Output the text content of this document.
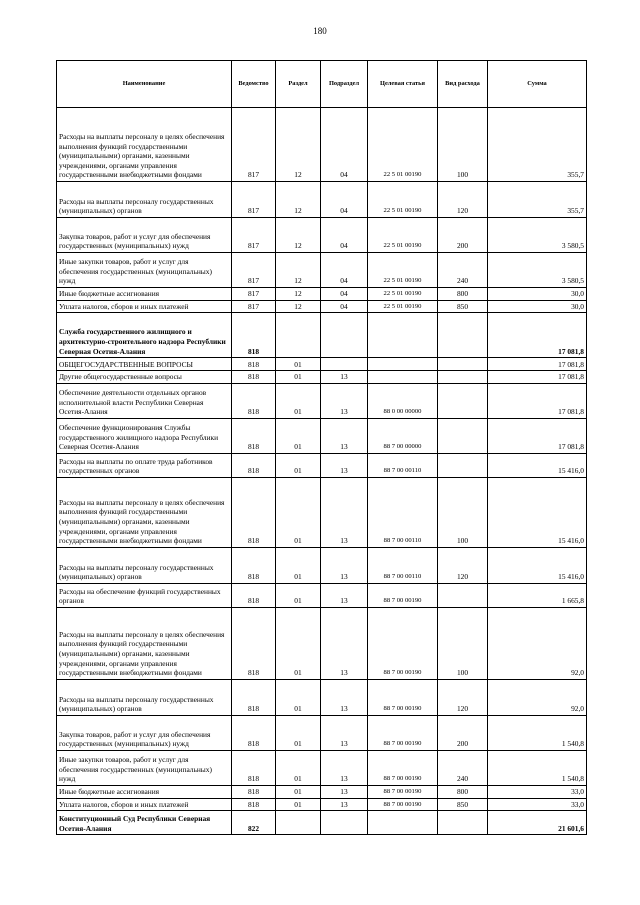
180
Наименование	Ведомство	Раздел	Подраздел	Целевая статья	Вид расхода	Сумма
Расходы на выплаты персоналу в целях обеспечения выполнения функций государственными (муниципальными) органами, казенными учреждениями, органами управления государственными внебюджетными фондами	817	12	04	22 5 01 00190	100	355,7
Расходы на выплаты персоналу государственных (муниципальных) органов	817	12	04	22 5 01 00190	120	355,7
Закупка товаров, работ и услуг для обеспечения государственных (муниципальных) нужд	817	12	04	22 5 01 00190	200	3 580,5
Иные закупки товаров, работ и услуг для обеспечения государственных (муниципальных) нужд	817	12	04	22 5 01 00190	240	3 580,5
Иные бюджетные ассигнования	817	12	04	22 5 01 00190	800	30,0
Уплата налогов, сборов и иных платежей	817	12	04	22 5 01 00190	850	30,0
Служба государственного жилищного и архитектурно-строительного надзора Республики Северная Осетия-Алания	818					17 081,8
ОБЩЕГОСУДАРСТВЕННЫЕ ВОПРОСЫ	818	01				17 081,8
Другие общегосударственные вопросы	818	01	13			17 081,8
Обеспечение деятельности отдельных органов исполнительной власти Республики Северная Осетия-Алания	818	01	13	88 0 00 00000		17 081,8
Обеспечение функционирования Службы государственного жилищного надзора Республики Северная Осетия-Алания	818	01	13	88 7 00 00000		17 081,8
Расходы на выплаты по оплате труда работников государственных органов	818	01	13	88 7 00 00110		15 416,0
Расходы на выплаты персоналу в целях обеспечения выполнения функций государственными (муниципальными) органами, казенными учреждениями, органами управления государственными внебюджетными фондами	818	01	13	88 7 00 00110	100	15 416,0
Расходы на выплаты персоналу государственных (муниципальных) органов	818	01	13	88 7 00 00110	120	15 416,0
Расходы на обеспечение функций государственных органов	818	01	13	88 7 00 00190		1 665,8
Расходы на выплаты персоналу в целях обеспечения выполнения функций государственными (муниципальными) органами, казенными учреждениями, органами управления государственными внебюджетными фондами	818	01	13	88 7 00 00190	100	92,0
Расходы на выплаты персоналу государственных (муниципальных) органов	818	01	13	88 7 00 00190	120	92,0
Закупка товаров, работ и услуг для обеспечения государственных (муниципальных) нужд	818	01	13	88 7 00 00190	200	1 540,8
Иные закупки товаров, работ и услуг для обеспечения государственных (муниципальных) нужд	818	01	13	88 7 00 00190	240	1 540,8
Иные бюджетные ассигнования	818	01	13	88 7 00 00190	800	33,0
Уплата налогов, сборов и иных платежей	818	01	13	88 7 00 00190	850	33,0
Конституционный Суд Республики Северная Осетия-Алания	822					21 601,6
